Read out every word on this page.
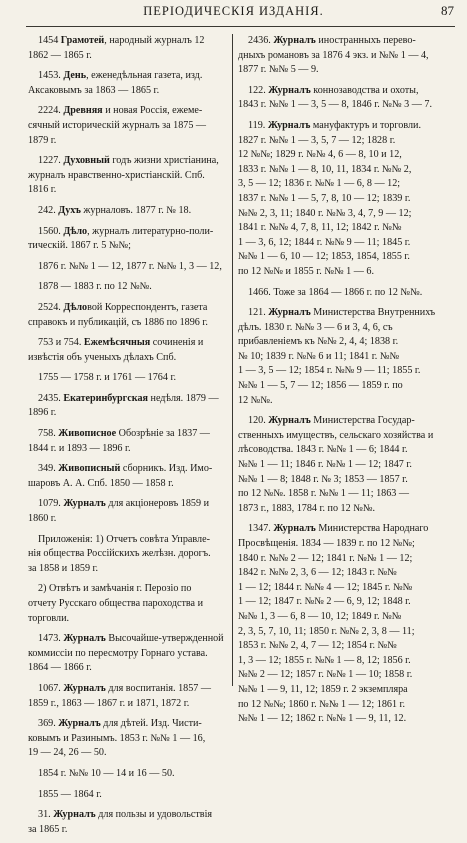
ПЕРІОДИЧЕСКІЯ ИЗДАНІЯ.	87
1454 Грамотей, народный журналъ 12
1862 — 1865 г.
1453. День, еженедѣльная газета, изд.
Аксаковымъ за 1863 — 1865 г.
2224. Древняя и новая Россія, ежеме-
сячный историческій журналъ за 1875 —
1879 г.
1227. Духовный годъ жизни христіанина,
журналъ нравственно-христіанскій. Спб.
1816 г.
242. Духъ журналовъ. 1877 г. № 18.
1560. Дѣло, журналъ литературно-поли-
тическій. 1867 г. 5 №№;
1876 г. №№ 1 — 12, 1877 г. №№ 1, 3 — 12,
1878 — 1883 г. по 12 №№.
2524. Дѣловой Корреспондентъ, газета
справокъ и публикацій, съ 1886 по 1896 г.
753 и 754. Ежемѣсячныя сочиненія и
извѣстія объ ученыхъ дѣлахъ Спб.
1755 — 1758 г. и 1761 — 1764 г.
2435. Екатеринбургская недѣля. 1879 —
1896 г.
758. Живописное Обозрѣніе за 1837 —
1844 г. и 1893 — 1896 г.
349. Живописный сборникъ. Изд. Имо-
шаровъ А. А. Спб. 1850 — 1858 г.
1079. Журналъ для акціонеровъ 1859 и
1860 г.
Приложенія: 1) Отчетъ совѣта Управле-
нія общества Россійскихъ желѣзн. дорогъ.
за 1858 и 1859 г.
2) Отвѣтъ и замѣчанія г. Перозіо по
отчету Русскаго общества пароходства и
торговли.
1473. Журналъ Высочайше-утвержденной
коммиссіи по пересмотру Горнаго устава.
1864 — 1866 г.
1067. Журналъ для воспитанія. 1857 —
1859 г., 1863 — 1867 г. и 1871, 1872 г.
369. Журналъ для дѣтей. Изд. Чисти-
ковымъ и Разинымъ. 1853 г. №№ 1 — 16,
19 — 24, 26 — 50.
1854 г. №№ 10 — 14 и 16 — 50.
1855 — 1864 г.
31. Журналъ для пользы и удовольствія
за 1865 г.
2436. Журналъ иностранныхъ перево-
дныхъ романовъ за 1876 4 экз. и №№ 1 — 4,
1877 г. №№ 5 — 9.
122. Журналъ коннозаводства и охоты,
1843 г. №№ 1 — 3, 5 — 8, 1846 г. №№ 3 — 7.
119. Журналъ мануфактуръ и торговли.
1827 г. №№ 1 — 3, 5, 7 — 12; 1828 г.
12 №№; 1829 г. №№ 4, 6 — 8, 10 и 12,
1833 г. №№ 1 — 8, 10, 11, 1834 г. №№ 2,
3, 5 — 12; 1836 г. №№ 1 — 6, 8 — 12;
1837 г. №№ 1 — 5, 7, 8, 10 — 12; 1839 г.
№№ 2, 3, 11; 1840 г. №№ 3, 4, 7, 9 — 12;
1841 г. №№ 4, 7, 8, 11, 12; 1842 г. №№
1 — 3, 6, 12; 1844 г. №№ 9 — 11; 1845 г.
№№ 1 — 6, 10 — 12; 1853, 1854, 1855 г.
по 12 №№ и 1855 г. №№ 1 — 6.
1466. Тоже за 1864 — 1866 г. по 12 №№.
121. Журналъ Министерства Внутреннихъ
дѣлъ. 1830 г. №№ 3 — 6 и 3, 4, 6, съ
прибавленіемъ къ №№ 2, 4, 4; 1838 г.
№ 10; 1839 г. №№ 6 и 11; 1841 г. №№
1 — 3, 5 — 12; 1854 г. №№ 9 — 11; 1855 г.
№№ 1 — 5, 7 — 12; 1856 — 1859 г. по
12 №№.
120. Журналъ Министерства Государ-
ственныхъ имуществъ, сельскаго хозяйства и
лѣсоводства. 1843 г. №№ 1 — 6; 1844 г.
№№ 1 — 11; 1846 г. №№ 1 — 12; 1847 г.
№№ 1 — 8; 1848 г. № 3; 1853 — 1857 г.
по 12 №№. 1858 г. №№ 1 — 11; 1863 —
1873 г., 1883, 1784 г. по 12 №№.
1347. Журналъ Министерства Народнаго
Просвѣщенія. 1834 — 1839 г. по 12 №№;
1840 г. №№ 2 — 12; 1841 г. №№ 1 — 12;
1842 г. №№ 2, 3, 6 — 12; 1843 г. №№
1 — 12; 1844 г. №№ 4 — 12; 1845 г. №№
1 — 12; 1847 г. №№ 2 — 6, 9, 12; 1848 г.
№№ 1, 3 — 6, 8 — 10, 12; 1849 г. №№
2, 3, 5, 7, 10, 11; 1850 г. №№ 2, 3, 8 — 11;
1853 г. №№ 2, 4, 7 — 12; 1854 г. №№
1, 3 — 12; 1855 г. №№ 1 — 8, 12; 1856 г.
№№ 2 — 12; 1857 г. №№ 1 — 10; 1858 г.
№№ 1 — 9, 11, 12; 1859 г. 2 экземпляра
по 12 №№; 1860 г. №№ 1 — 12; 1861 г.
№№ 1 — 12; 1862 г. №№ 1 — 9, 11, 12.
